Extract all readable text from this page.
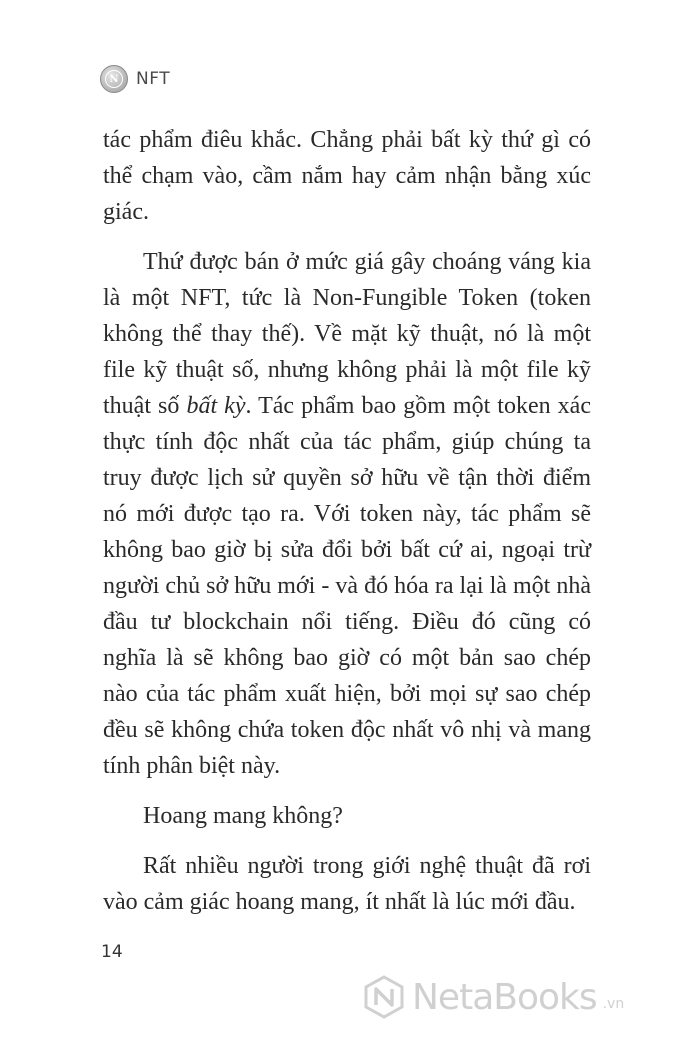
N NFT

tác phẩm điêu khắc. Chẳng phải bất kỳ thứ gì có thể chạm vào, cầm nắm hay cảm nhận bằng xúc giác.

Thứ được bán ở mức giá gây choáng váng kia là một NFT, tức là Non-Fungible Token (token không thể thay thế). Về mặt kỹ thuật, nó là một file kỹ thuật số, nhưng không phải là một file kỹ thuật số bất kỳ. Tác phẩm bao gồm một token xác thực tính độc nhất của tác phẩm, giúp chúng ta truy được lịch sử quyền sở hữu về tận thời điểm nó mới được tạo ra. Với token này, tác phẩm sẽ không bao giờ bị sửa đổi bởi bất cứ ai, ngoại trừ người chủ sở hữu mới - và đó hóa ra lại là một nhà đầu tư blockchain nổi tiếng. Điều đó cũng có nghĩa là sẽ không bao giờ có một bản sao chép nào của tác phẩm xuất hiện, bởi mọi sự sao chép đều sẽ không chứa token độc nhất vô nhị và mang tính phân biệt này.

Hoang mang không?

Rất nhiều người trong giới nghệ thuật đã rơi vào cảm giác hoang mang, ít nhất là lúc mới đầu.

14
NetaBooks .vn
